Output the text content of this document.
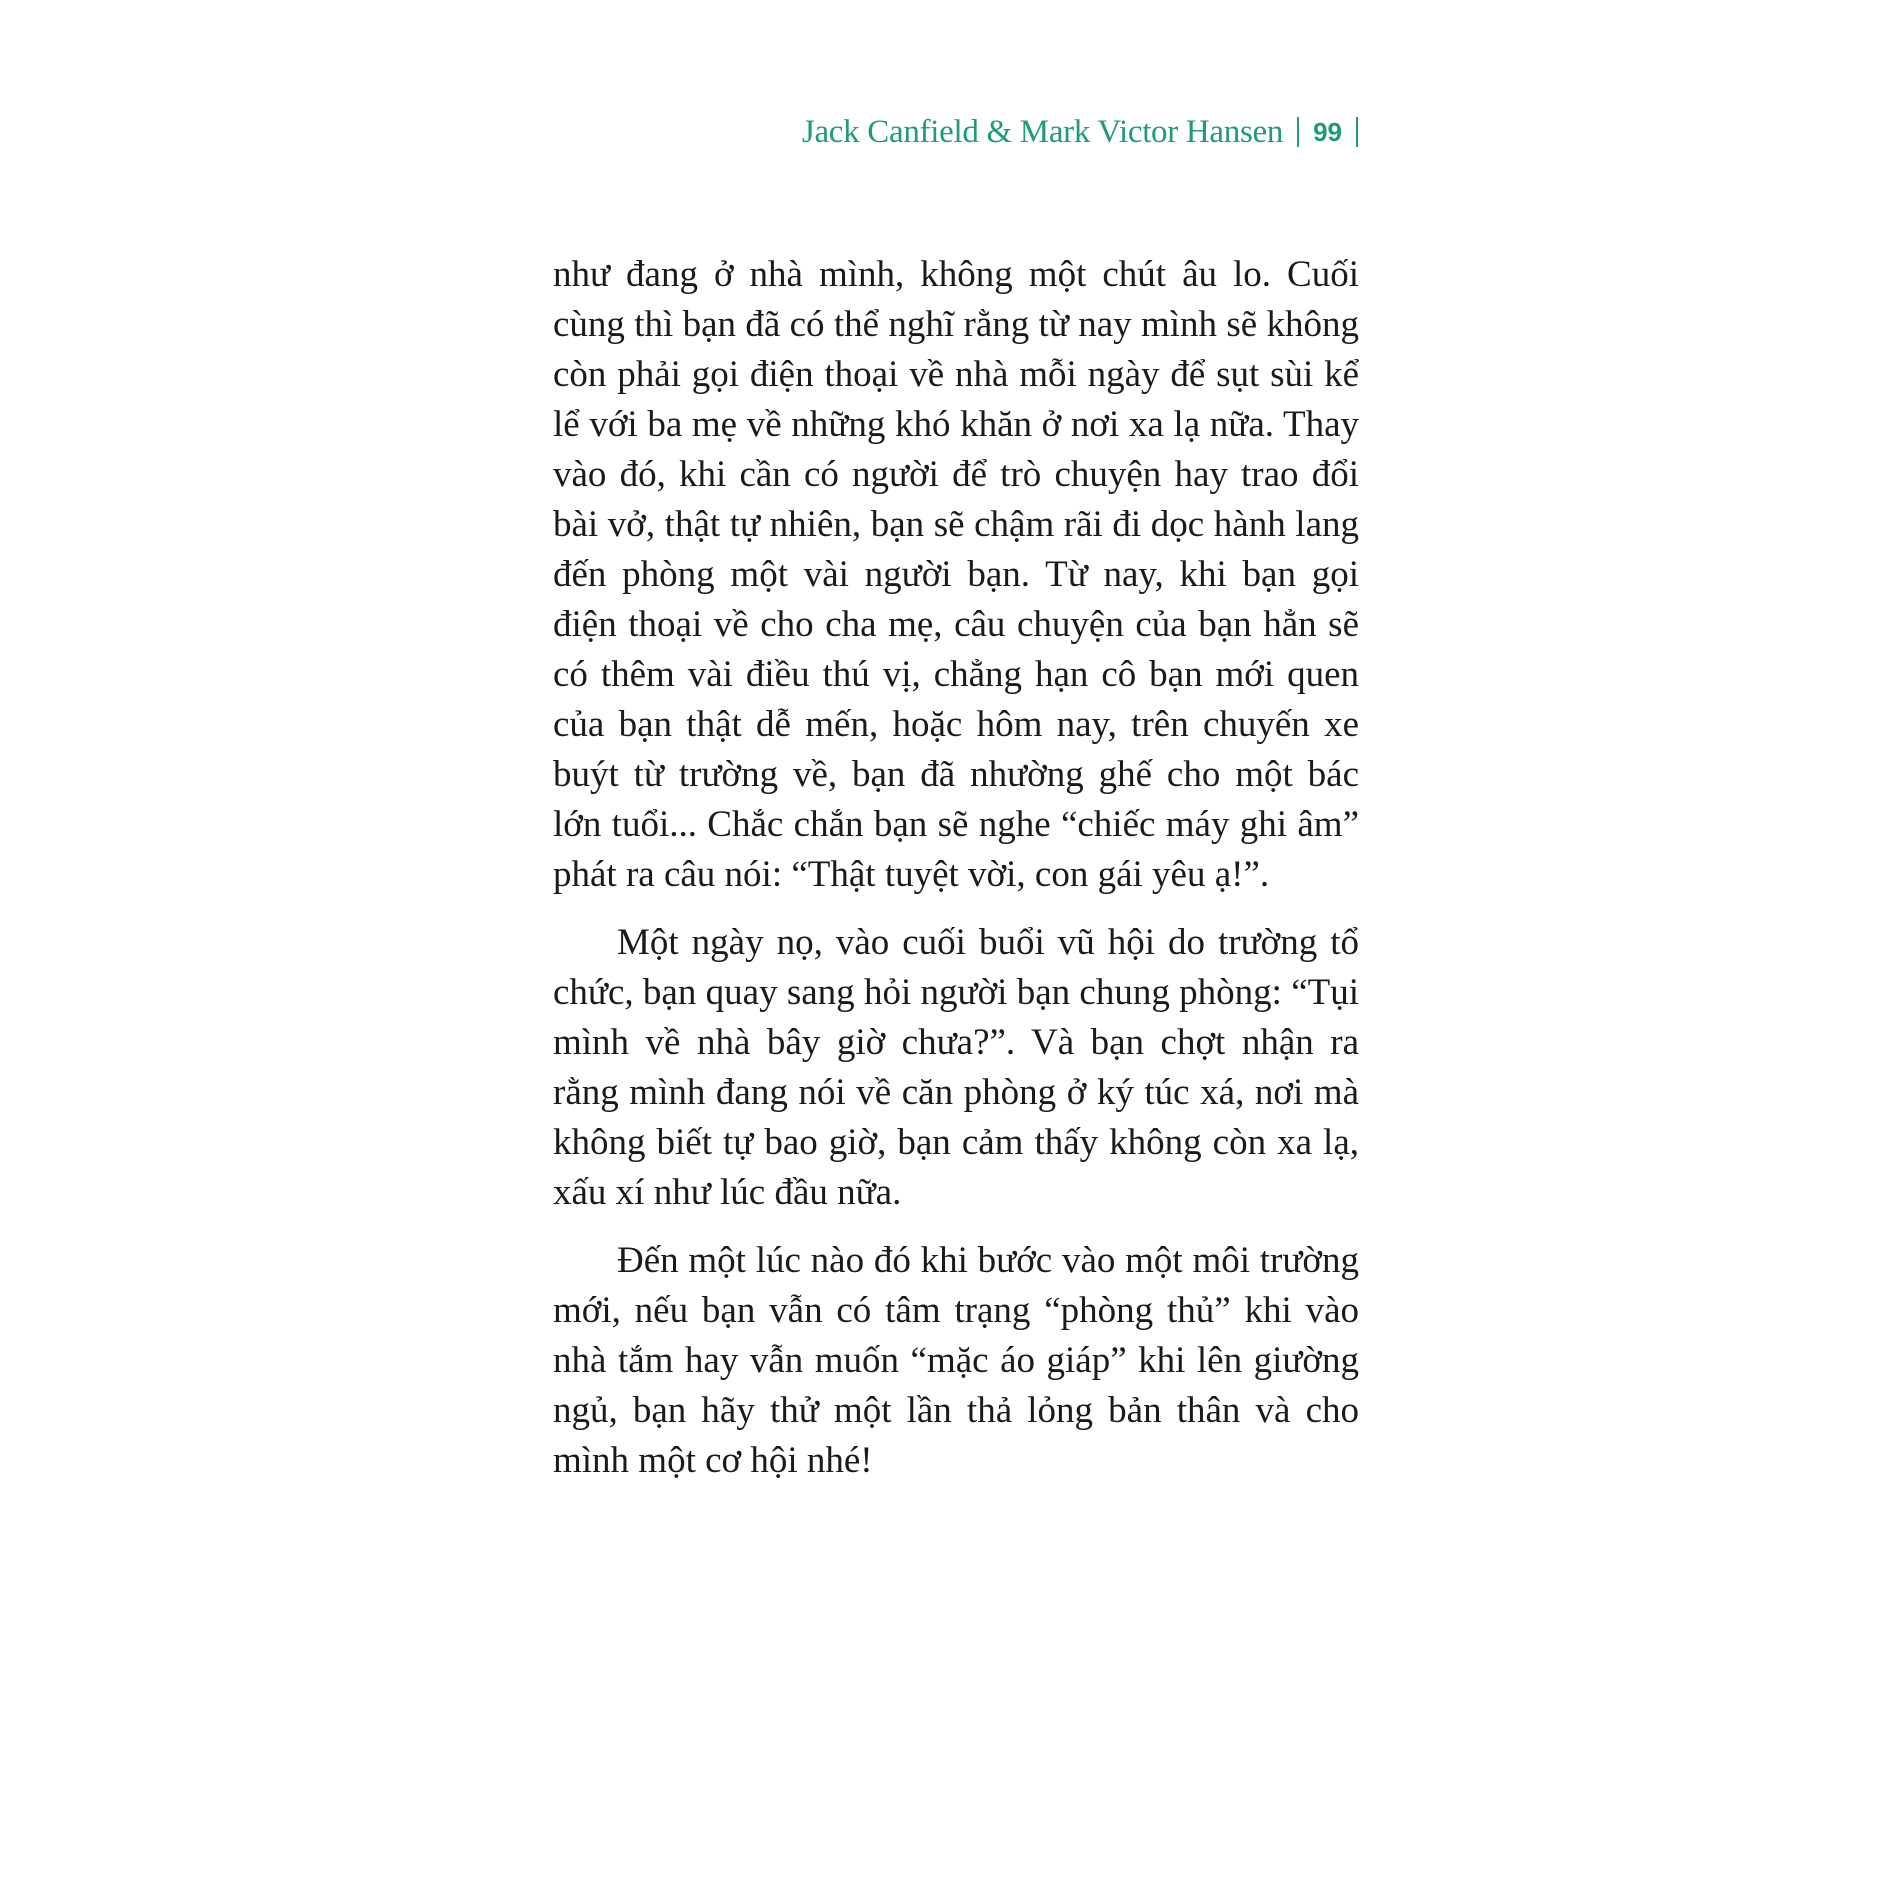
Jack Canfield & Mark Victor Hansen 99

như đang ở nhà mình, không một chút âu lo. Cuối cùng thì bạn đã có thể nghĩ rằng từ nay mình sẽ không còn phải gọi điện thoại về nhà mỗi ngày để sụt sùi kể lể với ba mẹ về những khó khăn ở nơi xa lạ nữa. Thay vào đó, khi cần có người để trò chuyện hay trao đổi bài vở, thật tự nhiên, bạn sẽ chậm rãi đi dọc hành lang đến phòng một vài người bạn. Từ nay, khi bạn gọi điện thoại về cho cha mẹ, câu chuyện của bạn hẳn sẽ có thêm vài điều thú vị, chẳng hạn cô bạn mới quen của bạn thật dễ mến, hoặc hôm nay, trên chuyến xe buýt từ trường về, bạn đã nhường ghế cho một bác lớn tuổi... Chắc chắn bạn sẽ nghe “chiếc máy ghi âm” phát ra câu nói: “Thật tuyệt vời, con gái yêu ạ!”.

Một ngày nọ, vào cuối buổi vũ hội do trường tổ chức, bạn quay sang hỏi người bạn chung phòng: “Tụi mình về nhà bây giờ chưa?”. Và bạn chợt nhận ra rằng mình đang nói về căn phòng ở ký túc xá, nơi mà không biết tự bao giờ, bạn cảm thấy không còn xa lạ, xấu xí như lúc đầu nữa.

Đến một lúc nào đó khi bước vào một môi trường mới, nếu bạn vẫn có tâm trạng “phòng thủ” khi vào nhà tắm hay vẫn muốn “mặc áo giáp” khi lên giường ngủ, bạn hãy thử một lần thả lỏng bản thân và cho mình một cơ hội nhé!
